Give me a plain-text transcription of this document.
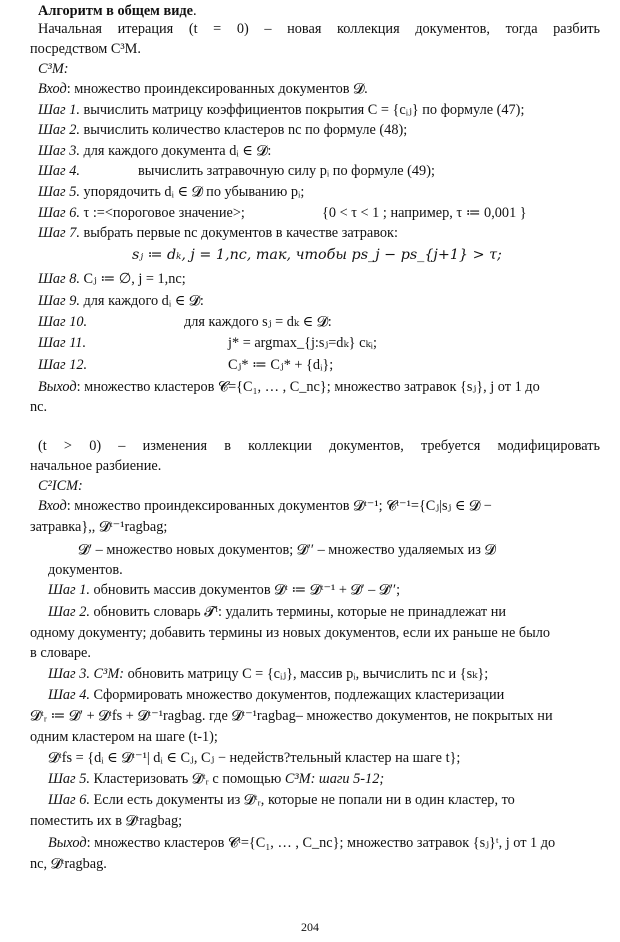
Алгоритм в общем виде.
Начальная итерация (t = 0) – новая коллекция документов, тогда разбить
посредством C³M.
C³M:
Вход: множество проиндексированных документов 𝓓.
Шаг 1. вычислить матрицу коэффициентов покрытия C = {cᵢⱼ} по формуле (47);
Шаг 2. вычислить количество кластеров nc по формуле (48);
Шаг 3. для каждого документа dᵢ ∈ 𝓓:
Шаг 4.	вычислить затравочную силу pᵢ по формуле (49);
Шаг 5. упорядочить dᵢ ∈ 𝓓 по убыванию pᵢ;
Шаг 6. τ :=<пороговое значение>;	{0 < τ < 1 ; например, τ ≔ 0,001 }
Шаг 7. выбрать первые nc документов в качестве затравок:
sⱼ ≔ dₖ, j = 1,nc, так, чтобы ps_j − ps_{j+1} > τ;
Шаг 8. Cⱼ ≔ ∅, j = 1,nc;
Шаг 9. для каждого dᵢ ∈ 𝓓:
Шаг 10.	для каждого sⱼ = dₖ ∈ 𝓓:
Шаг 11.	j* = argmax_{j:sⱼ=dₖ} cₖᵢ;
Шаг 12.	Cⱼ* ≔ Cⱼ* + {dᵢ};
Выход: множество кластеров 𝓒={C₁, … , C_nc}; множество затравок {sⱼ}, j от 1 до
nc.
(t > 0) – изменения в коллекции документов, требуется модифицировать
начальное разбиение.
C²ICM:
Вход: множество проиндексированных документов 𝓓ᵗ⁻¹; 𝓒ᵗ⁻¹={Cⱼ|sⱼ ∈ 𝓓 −
затравка},, 𝓓ᵗ⁻¹ragbag;
𝓓′ – множество новых документов; 𝓓′′ – множество удаляемых из 𝓓
документов.
Шаг 1. обновить массив документов 𝓓ᵗ ≔ 𝓓ᵗ⁻¹ + 𝓓′ – 𝓓′′;
Шаг 2. обновить словарь 𝓣ᵗ: удалить термины, которые не принадлежат ни
одному документу; добавить термины из новых документов, если их раньше не было
в словаре.
Шаг 3. C³M: обновить матрицу C = {cᵢⱼ}, массив pᵢ, вычислить nc и {sₖ};
Шаг 4. Сформировать множество документов, подлежащих кластеризации
𝓓ᵗᵣ ≔ 𝓓′ + 𝓓ᵗfs + 𝓓ᵗ⁻¹ragbag. где 𝓓ᵗ⁻¹ragbag– множество документов, не покрытых ни
одним кластером на шаге (t-1);
𝓓ᵗfs = {dᵢ ∈ 𝓓ᵗ⁻¹| dᵢ ∈ Cⱼ, Cⱼ − недейств?тельный кластер на шаге t};
Шаг 5. Кластеризовать 𝓓ᵗᵣ с помощью C³M: шаги 5-12;
Шаг 6. Если есть документы из 𝓓ᵗᵣ, которые не попали ни в один кластер, то
поместить их в 𝓓ᵗragbag;
Выход: множество кластеров 𝓒ᵗ={C₁, … , C_nc}; множество затравок {sⱼ}ᵗ, j от 1 до
nc, 𝓓ᵗragbag.
204
